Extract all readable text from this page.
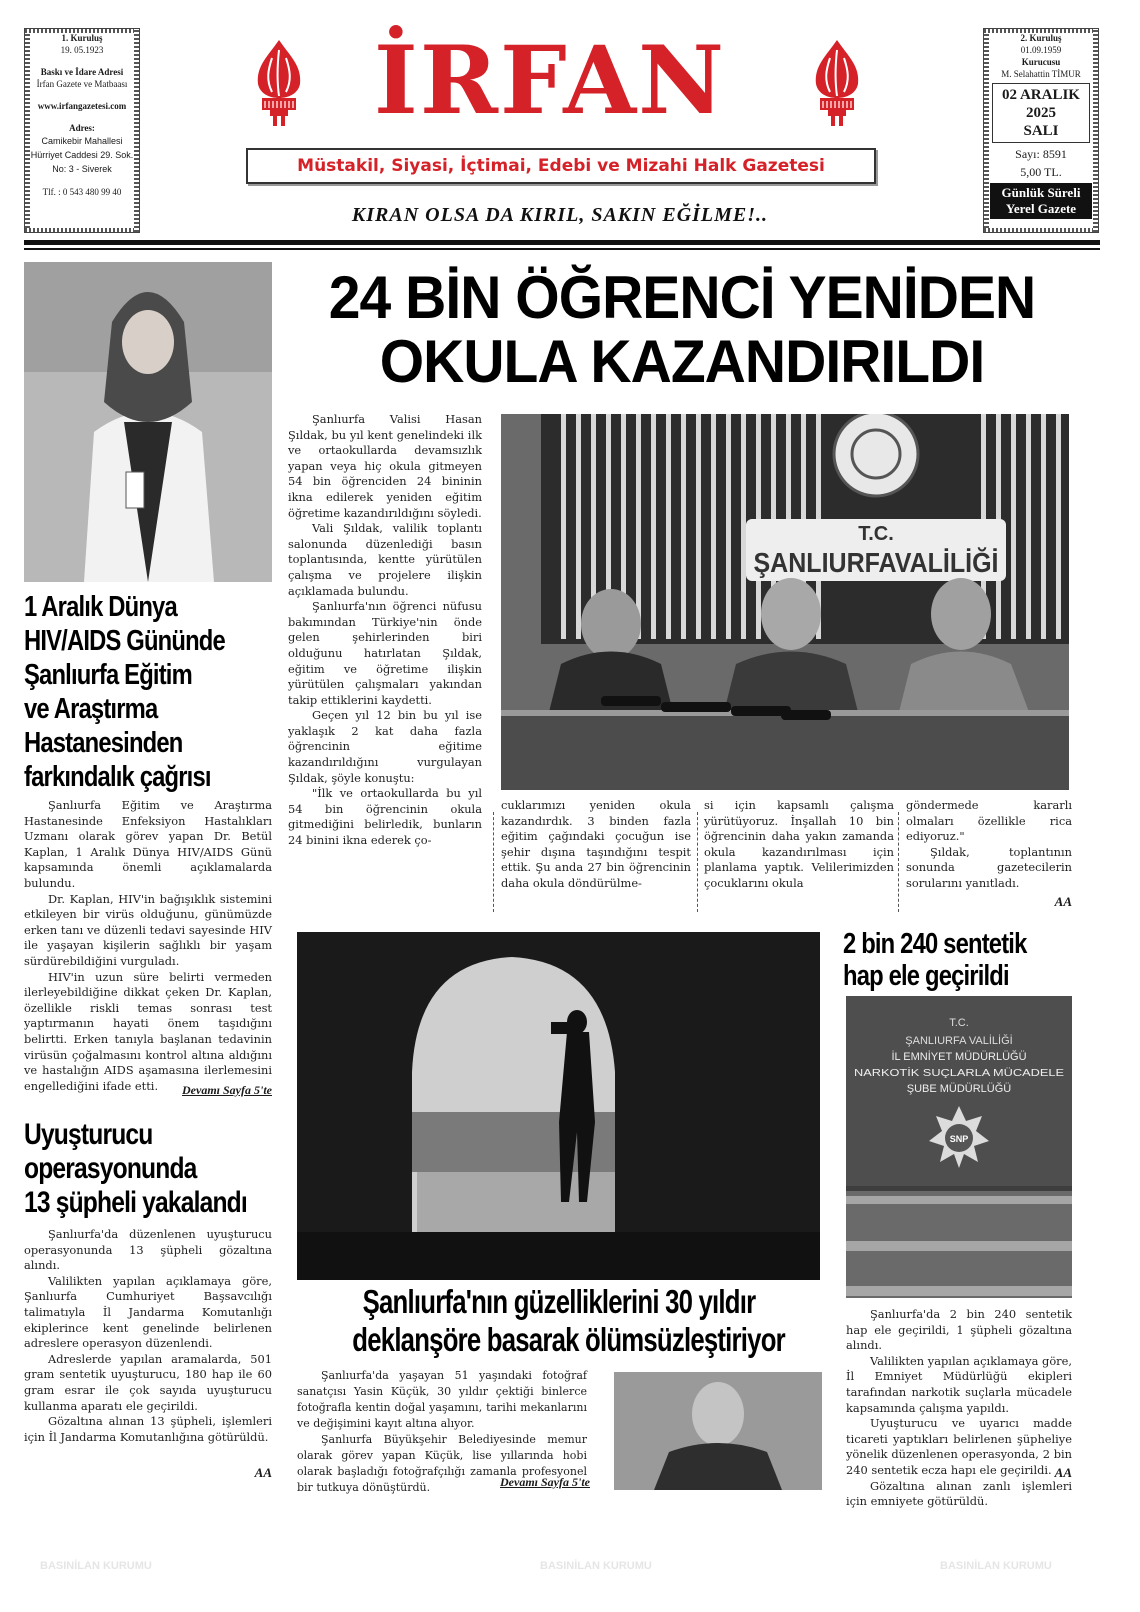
1. Kuruluş
19. 05.1923
Baskı ve İdare Adresi
İrfan Gazete ve Matbaası
www.irfangazetesi.com
Adres:
Camikebir Mahallesi
Hürriyet Caddesi 29. Sok.
No: 3 - Siverek
Tlf. : 0 543 480 99 40
İRFAN
Müstakil, Siyasi, İçtimai, Edebi ve Mizahi Halk Gazetesi
KIRAN OLSA DA KIRIL, SAKIN EĞİLME!..
2. Kuruluş
01.09.1959
Kurucusu
M. Selahattin TİMUR
02 ARALIK
2025
SALI
Sayı: 8591
5,00 TL.
Günlük Süreli
Yerel Gazete
1 Aralık Dünya
HIV/AIDS Gününde
Şanlıurfa Eğitim
ve Araştırma
Hastanesinden
farkındalık çağrısı

Şanlıurfa Eğitim ve Araştırma Hastanesinde Enfeksiyon Hastalıkları Uzmanı olarak görev yapan Dr. Betül Kaplan, 1 Aralık Dünya HIV/AIDS Günü kapsamında önemli açıklamalarda bulundu.

Dr. Kaplan, HIV'in bağışıklık sistemini etkileyen bir virüs olduğunu, günümüzde erken tanı ve düzenli tedavi sayesinde HIV ile yaşayan kişilerin sağlıklı bir yaşam sürdürebildiğini vurguladı.

HIV'in uzun süre belirti vermeden ilerleyebildiğine dikkat çeken Dr. Kaplan, özellikle riskli temas sonrası test yaptırmanın hayati önem taşıdığını belirtti. Erken tanıyla başlanan tedavinin virüsün çoğalmasını kontrol altına aldığını ve hastalığın AIDS aşamasına ilerlemesini engellediğini ifade etti.	Devamı Sayfa 5'te
Uyuşturucu
operasyonunda
13 şüpheli yakalandı

Şanlıurfa'da düzenlenen uyuşturucu operasyonunda 13 şüpheli gözaltına alındı.

Valilikten yapılan açıklamaya göre, Şanlıurfa Cumhuriyet Başsavcılığı talimatıyla İl Jandarma Komutanlığı ekiplerince kent genelinde belirlenen adreslere operasyon düzenlendi.

Adreslerde yapılan aramalarda, 501 gram sentetik uyuşturucu, 180 hap ile 60 gram esrar ile çok sayıda uyuşturucu kullanma aparatı ele geçirildi.

Gözaltına alınan 13 şüpheli, işlemleri için İl Jandarma Komutanlığına götürüldü.

AA
24 BİN ÖĞRENCİ YENİDEN
OKULA KAZANDIRILDI

Şanlıurfa Valisi Hasan Şıldak, bu yıl kent genelindeki ilk ve ortaokullarda devamsızlık yapan veya hiç okula gitmeyen 54 bin öğrenciden 24 bininin ikna edilerek yeniden eğitim öğretime kazandırıldığını söyledi.

Vali Şıldak, valilik toplantı salonunda düzenlediği basın toplantısında, kentte yürütülen çalışma ve projelere ilişkin açıklamada bulundu.

Şanlıurfa'nın öğrenci nüfusu bakımından Türkiye'nin önde gelen şehirlerinden biri olduğunu hatırlatan Şıldak, eğitim ve öğretime ilişkin yürütülen çalışmaları yakından takip ettiklerini kaydetti.

Geçen yıl 12 bin bu yıl ise yaklaşık 2 kat daha fazla öğrencinin eğitime kazandırıldığını vurgulayan Şıldak, şöyle konuştu:

"İlk ve ortaokullarda bu yıl 54 bin öğrencinin okula gitmediğini belirledik, bunların 24 binini ikna ederek ço-

T.C.
ŞANLIURFAVALİLİĞİ
cuklarımızı yeniden okula kazandırdık. 3 binden fazla eğitim çağındaki çocuğun ise şehir dışına taşındığını tespit ettik. Şu anda 27 bin öğrencinin daha okula döndürülme-
si için kapsamlı çalışma yürütüyoruz. İnşallah 10 bin öğrencinin daha yakın zamanda okula kazandırılması için planlama yaptık. Velilerimizden çocuklarını okula
göndermede kararlı olmaları özellikle rica ediyoruz."

Şıldak, toplantının sonunda gazetecilerin sorularını yanıtladı.

AA
Şanlıurfa'nın güzelliklerini 30 yıldır
deklanşöre basarak ölümsüzleştiriyor

Şanlıurfa'da yaşayan 51 yaşındaki fotoğraf sanatçısı Yasin Küçük, 30 yıldır çektiği binlerce fotoğrafla kentin doğal yaşamını, tarihi mekanlarını ve değişimini kayıt altına alıyor.

Şanlıurfa Büyükşehir Belediyesinde memur olarak görev yapan Küçük, lise yıllarında hobi olarak başladığı fotoğrafçılığı zamanla profesyonel bir tutkuya dönüştürdü.	Devamı Sayfa 5'te
2 bin 240 sentetik
hap ele geçirildi
T.C.
ŞANLIURFA VALİLİĞİ
İL EMNİYET MÜDÜRLÜĞÜ
NARKOTİK SUÇLARLA MÜCADELE
ŞUBE MÜDÜRLÜĞÜ
SNP

Şanlıurfa'da 2 bin 240 sentetik hap ele geçirildi, 1 şüpheli gözaltına alındı.

Valilikten yapılan açıklamaya göre, İl Emniyet Müdürlüğü ekipleri tarafından narkotik suçlarla mücadele kapsamında çalışma yapıldı.

Uyuşturucu ve uyarıcı madde ticareti yaptıkları belirlenen şüpheliye yönelik düzenlenen operasyonda, 2 bin 240 sentetik ecza hapı ele geçirildi.

Gözaltına alınan zanlı işlemleri için emniyete götürüldü.

AA
BASINİLAN KURUMU	BASINİLAN KURUMU	BASINİLAN KURUMU
